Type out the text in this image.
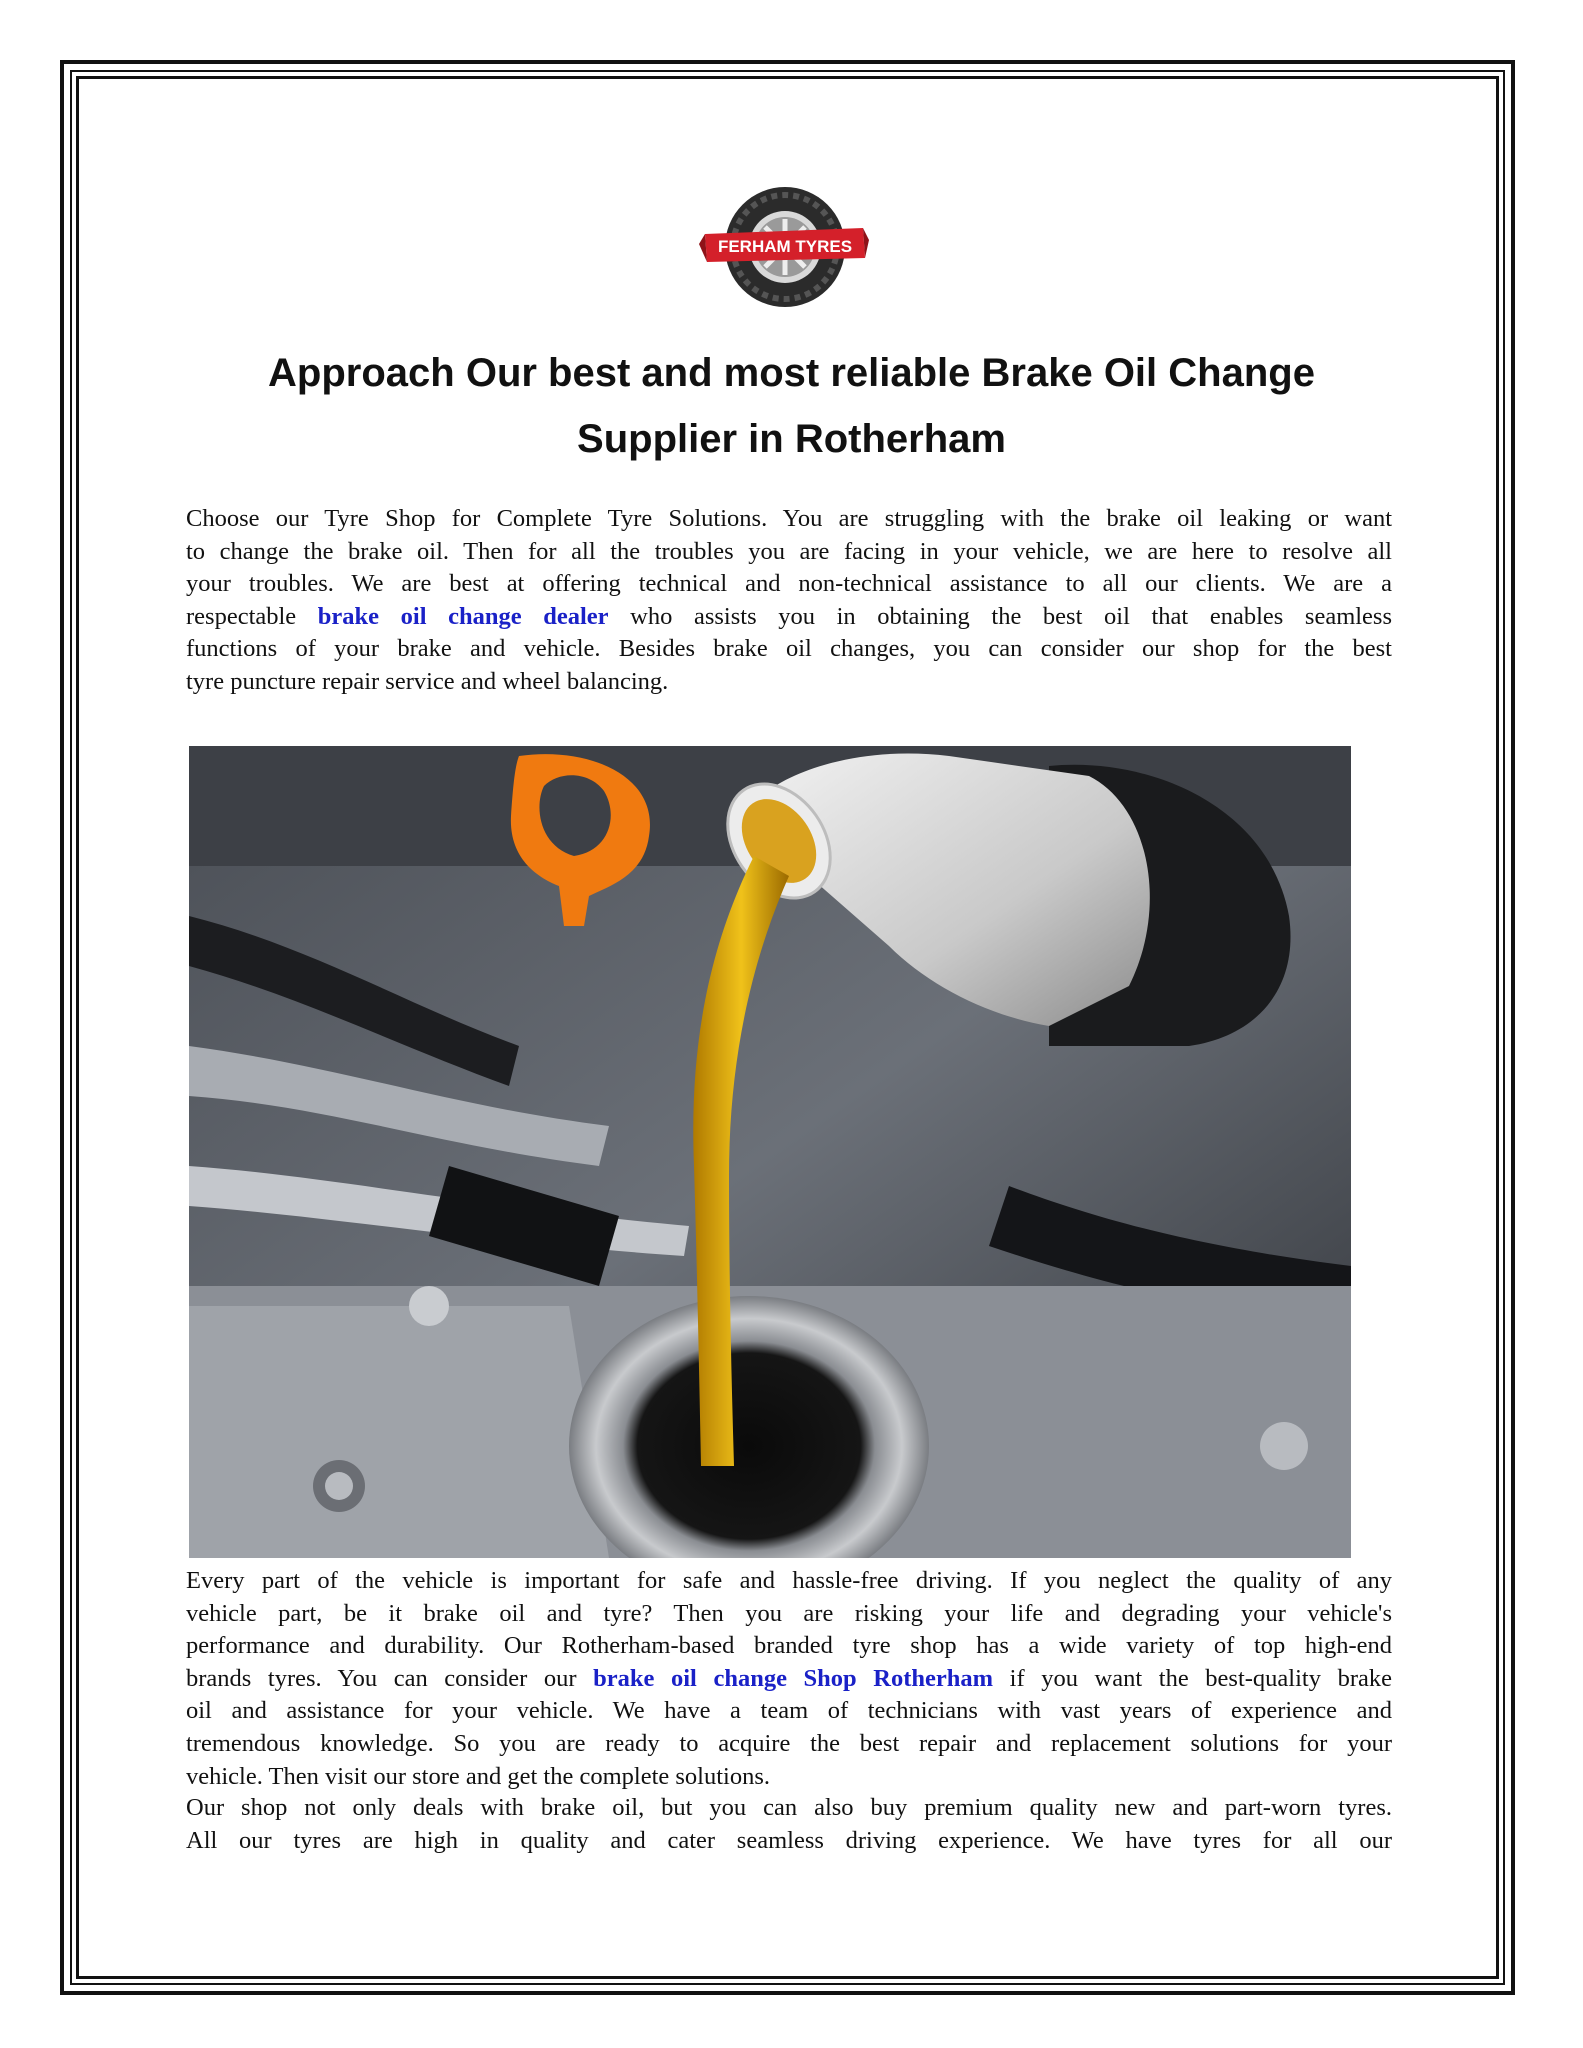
FERHAM TYRES
Approach Our best and most reliable Brake Oil Change
Supplier in Rotherham
Choose our Tyre Shop for Complete Tyre Solutions. You are struggling with the brake oil leaking or want
to change the brake oil. Then for all the troubles you are facing in your vehicle, we are here to resolve all
your troubles. We are best at offering technical and non-technical assistance to all our clients. We are a
respectable brake oil change dealer who assists you in obtaining the best oil that enables seamless
functions of your brake and vehicle. Besides brake oil changes, you can consider our shop for the best
tyre puncture repair service and wheel balancing.
Every part of the vehicle is important for safe and hassle-free driving. If you neglect the quality of any
vehicle part, be it brake oil and tyre? Then you are risking your life and degrading your vehicle's
performance and durability. Our Rotherham-based branded tyre shop has a wide variety of top high-end
brands tyres. You can consider our brake oil change Shop Rotherham if you want the best-quality brake
oil and assistance for your vehicle. We have a team of technicians with vast years of experience and
tremendous knowledge. So you are ready to acquire the best repair and replacement solutions for your
vehicle. Then visit our store and get the complete solutions.
Our shop not only deals with brake oil, but you can also buy premium quality new and part-worn tyres.
All our tyres are high in quality and cater seamless driving experience. We have tyres for all our
